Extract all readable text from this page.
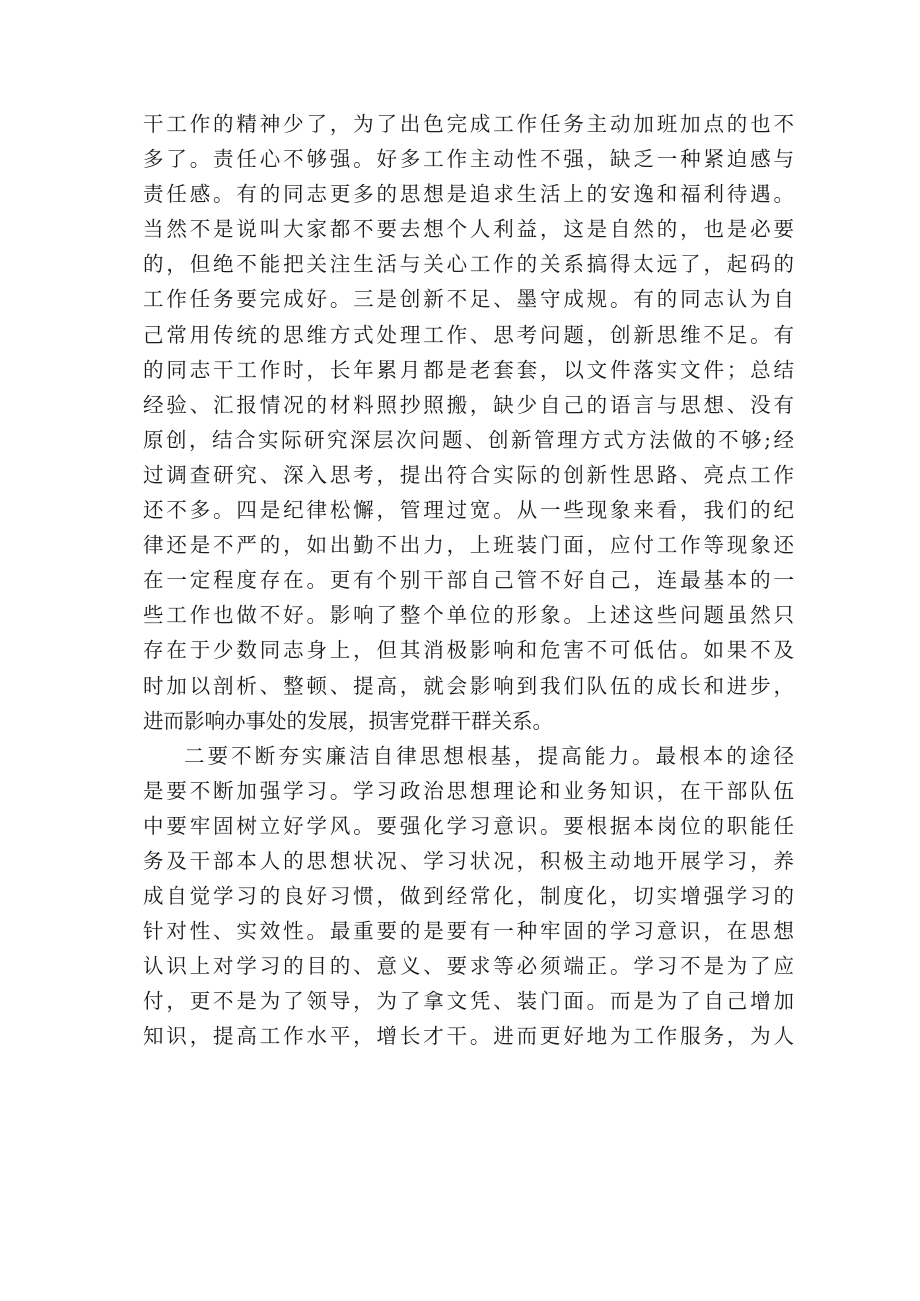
干工作的精神少了，为了出色完成工作任务主动加班加点的也不
多了。责任心不够强。好多工作主动性不强，缺乏一种紧迫感与
责任感。有的同志更多的思想是追求生活上的安逸和福利待遇。
当然不是说叫大家都不要去想个人利益，这是自然的，也是必要
的，但绝不能把关注生活与关心工作的关系搞得太远了，起码的
工作任务要完成好。三是创新不足、墨守成规。有的同志认为自
己常用传统的思维方式处理工作、思考问题，创新思维不足。有
的同志干工作时，长年累月都是老套套，以文件落实文件；总结
经验、汇报情况的材料照抄照搬，缺少自己的语言与思想、没有
原创，结合实际研究深层次问题、创新管理方式方法做的不够;经
过调查研究、深入思考，提出符合实际的创新性思路、亮点工作
还不多。四是纪律松懈，管理过宽。从一些现象来看，我们的纪
律还是不严的，如出勤不出力，上班装门面，应付工作等现象还
在一定程度存在。更有个别干部自己管不好自己，连最基本的一
些工作也做不好。影响了整个单位的形象。上述这些问题虽然只
存在于少数同志身上，但其消极影响和危害不可低估。如果不及
时加以剖析、整顿、提高，就会影响到我们队伍的成长和进步，
进而影响办事处的发展，损害党群干群关系。
二要不断夯实廉洁自律思想根基，提高能力。最根本的途径
是要不断加强学习。学习政治思想理论和业务知识，在干部队伍
中要牢固树立好学风。要强化学习意识。要根据本岗位的职能任
务及干部本人的思想状况、学习状况，积极主动地开展学习，养
成自觉学习的良好习惯，做到经常化，制度化，切实增强学习的
针对性、实效性。最重要的是要有一种牢固的学习意识，在思想
认识上对学习的目的、意义、要求等必须端正。学习不是为了应
付，更不是为了领导，为了拿文凭、装门面。而是为了自己增加
知识，提高工作水平，增长才干。进而更好地为工作服务，为人
